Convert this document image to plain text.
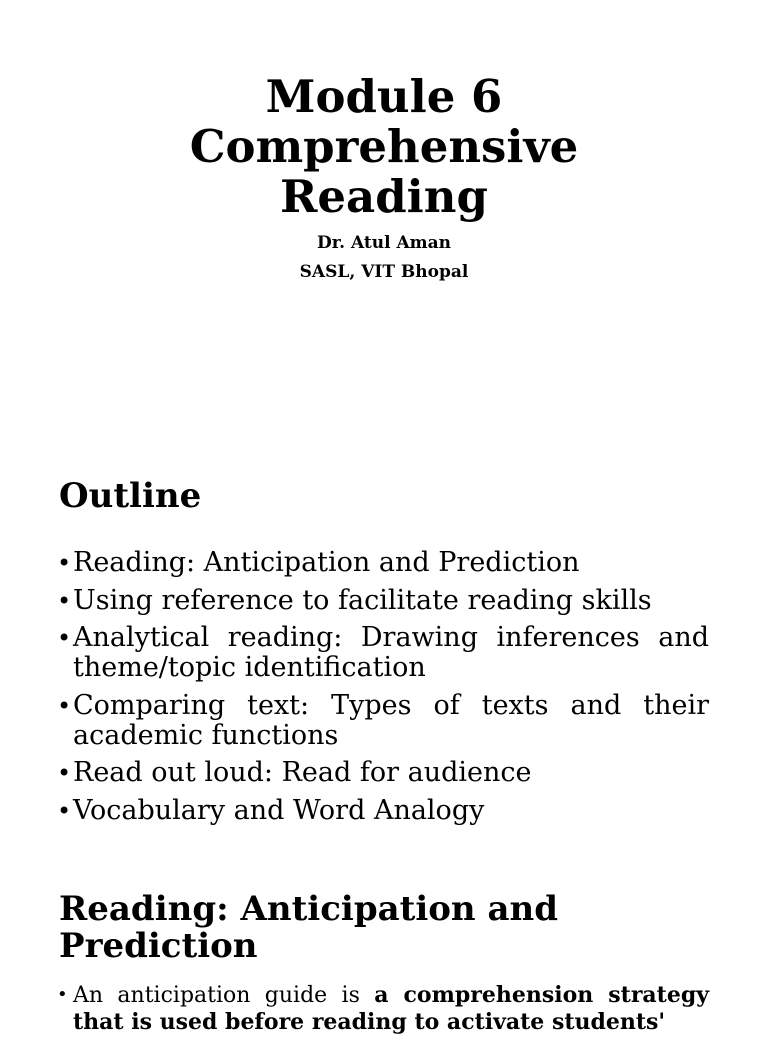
Module 6
Comprehensive
Reading
Dr. Atul Aman
SASL, VIT Bhopal
Outline
• Reading: Anticipation and Prediction
• Using reference to facilitate reading skills
• Analytical reading: Drawing inferences and theme/topic identification
• Comparing text: Types of texts and their academic functions
• Read out loud: Read for audience
• Vocabulary and Word Analogy
Reading: Anticipation and
Prediction
• An anticipation guide is a comprehension strategy that is used before reading to activate students'
